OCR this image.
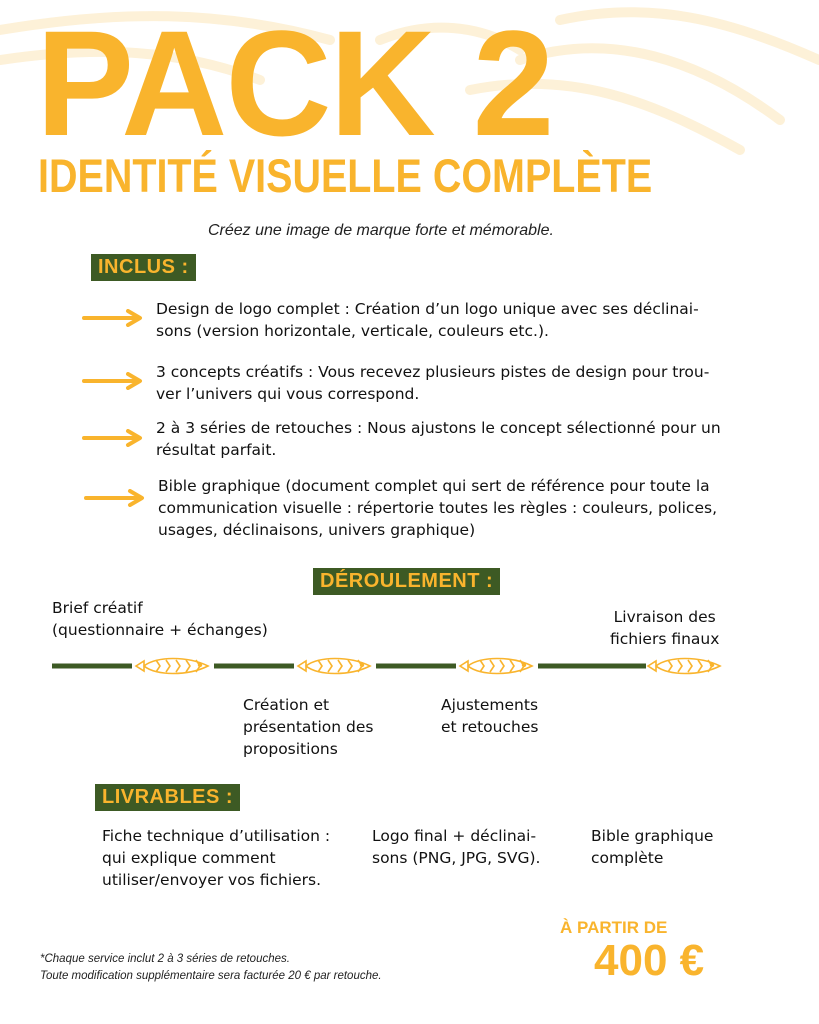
PACK 2
IDENTITÉ VISUELLE COMPLÈTE
Créez une image de marque forte et mémorable.
INCLUS :
Design de logo complet : Création d’un logo unique avec ses déclinai-
sons (version horizontale, verticale, couleurs etc.).
3 concepts créatifs : Vous recevez plusieurs pistes de design pour trou-
ver l’univers qui vous correspond.
2 à 3 séries de retouches : Nous ajustons le concept sélectionné pour un
résultat parfait.
Bible graphique (document complet qui sert de référence pour toute la
communication visuelle : répertorie toutes les règles : couleurs, polices,
usages, déclinaisons, univers graphique)
DÉROULEMENT :
Brief créatif
(questionnaire + échanges)
Livraison des
fichiers finaux
Création et
présentation des
propositions
Ajustements
et retouches
LIVRABLES :
Fiche technique d’utilisation :
qui explique comment
utiliser/envoyer vos fichiers.
Logo final + déclinai-
sons (PNG, JPG, SVG).
Bible graphique
complète
*Chaque service inclut 2 à 3 séries de retouches.
Toute modification supplémentaire sera facturée 20 € par retouche.
À PARTIR DE
400 €
